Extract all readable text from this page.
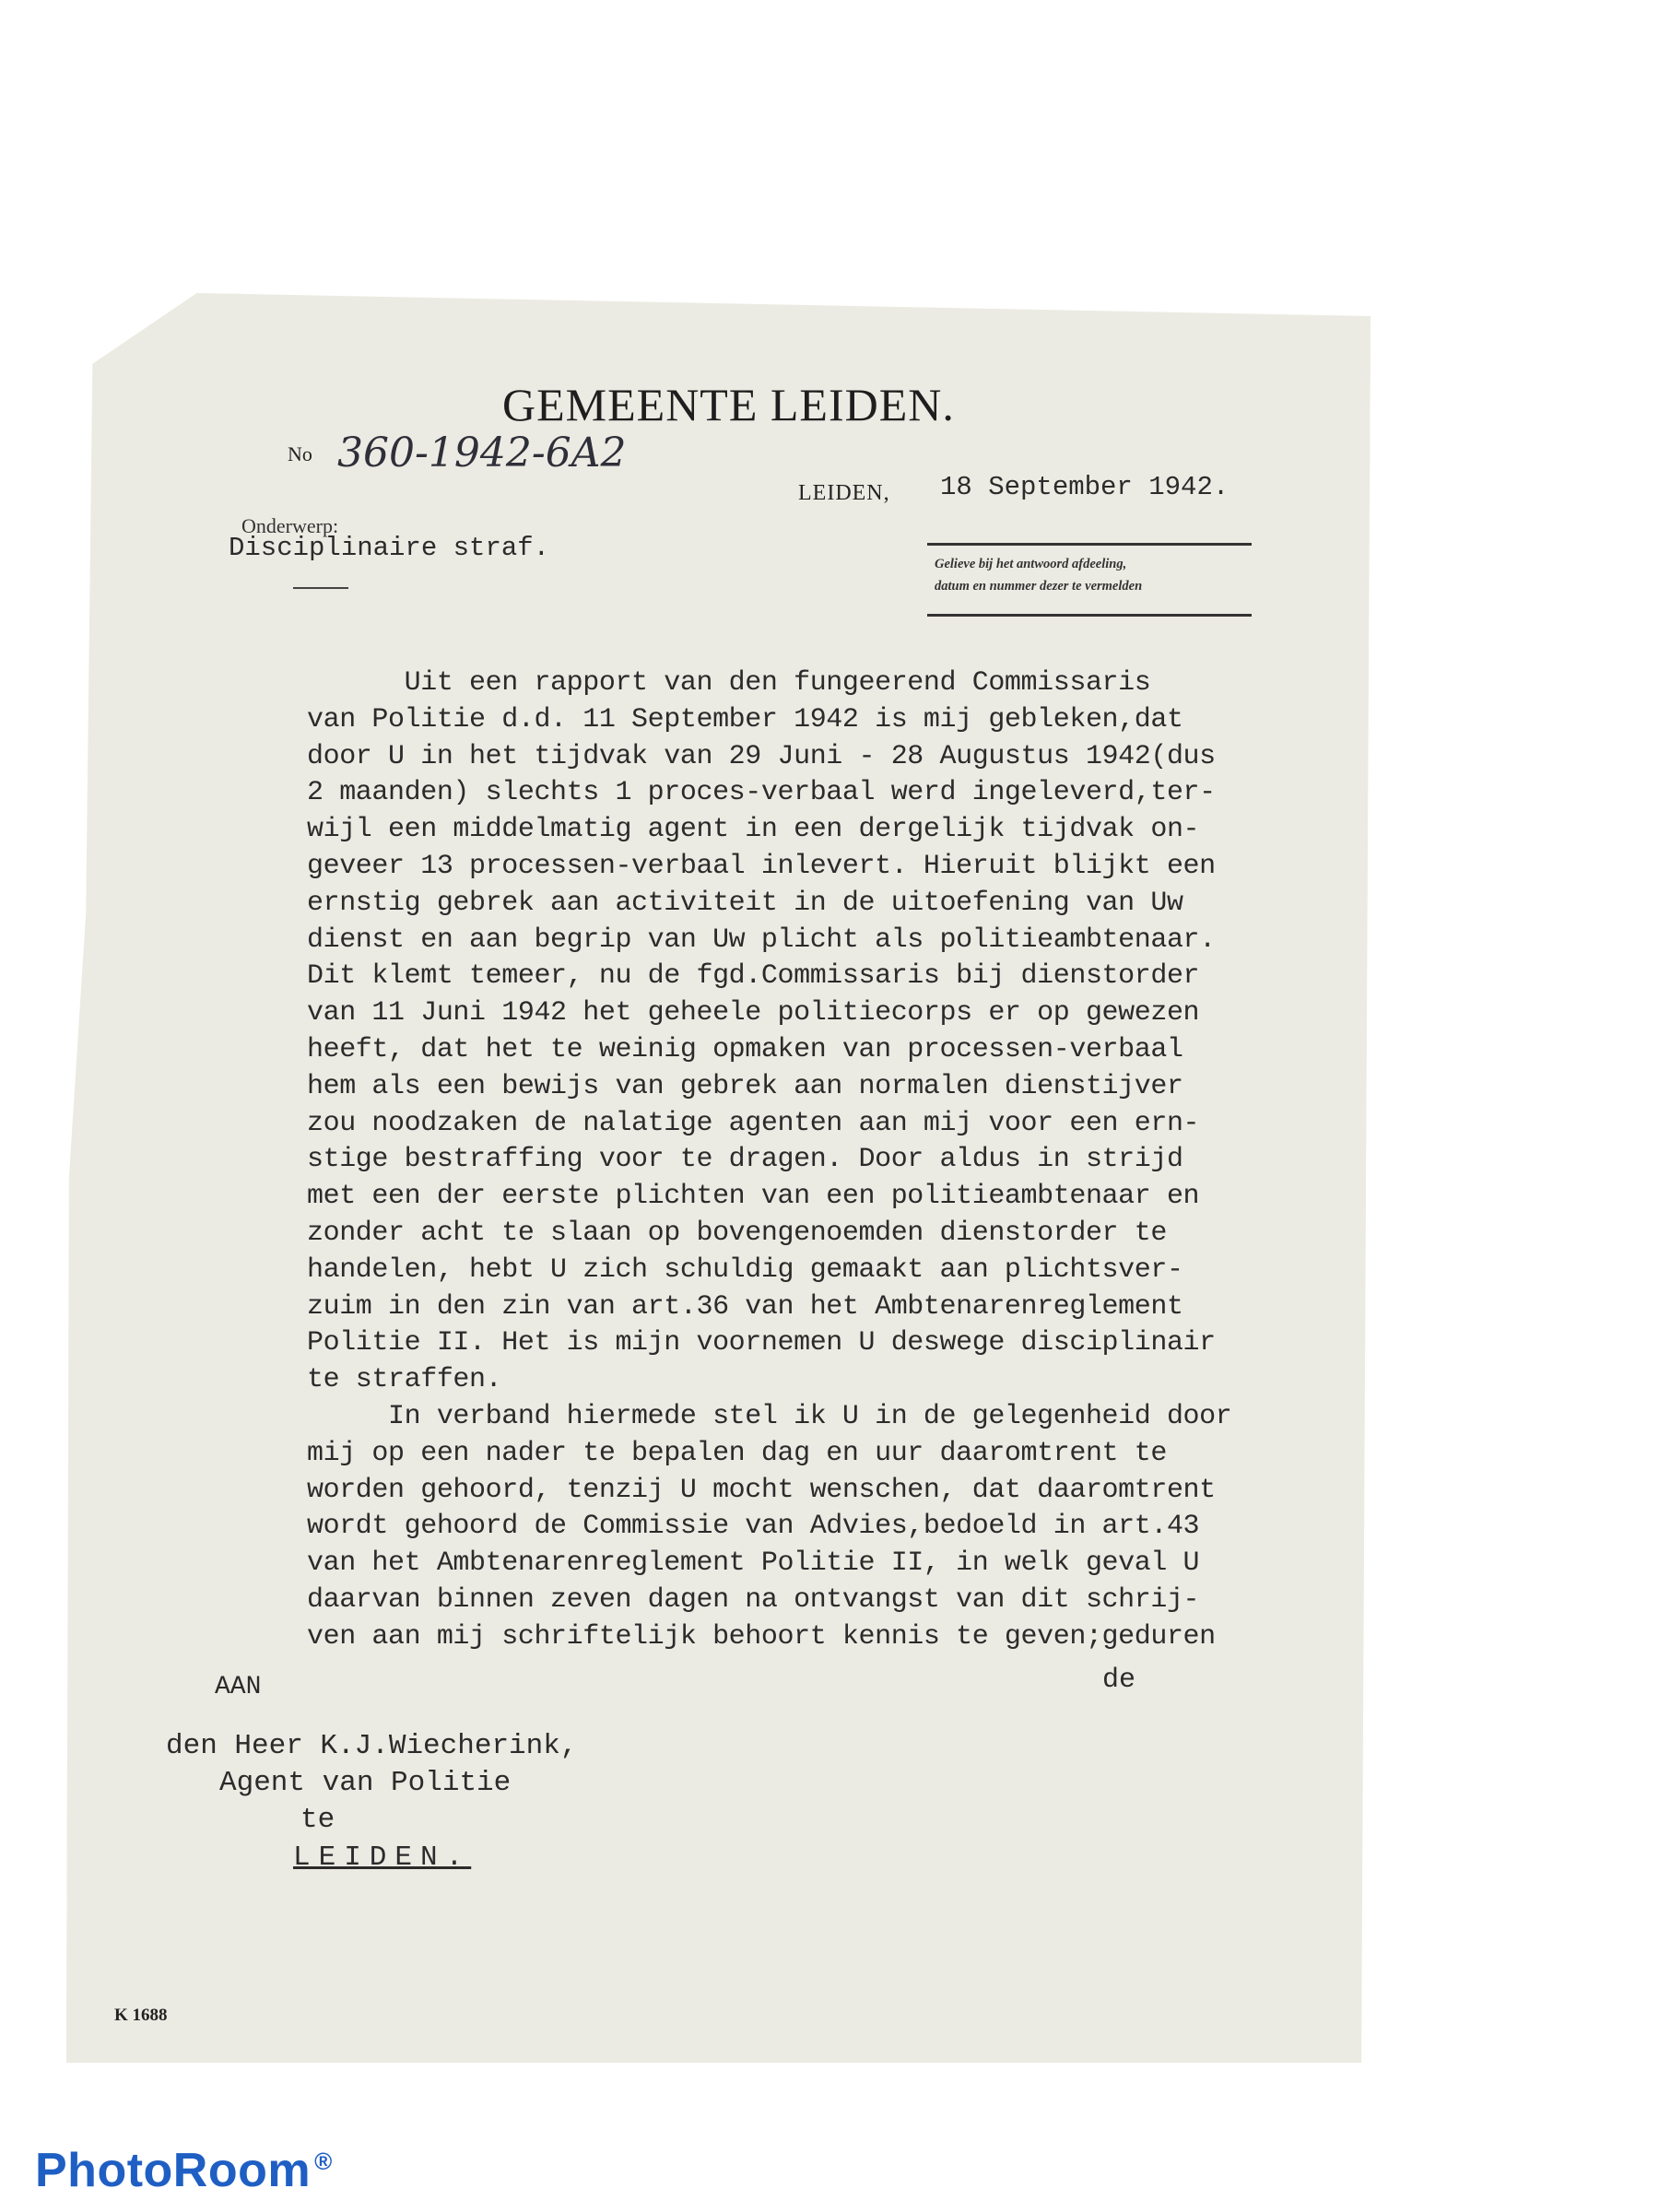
GEMEENTE LEIDEN.
No 360-1942-6A2
LEIDEN, 18 September 1942.
Onderwerp:
Disciplinaire straf.
Gelieve bij het antwoord afdeeling,
datum en nummer dezer te vermelden
Uit een rapport van den fungeerend Commissaris
van Politie d.d. 11 September 1942 is mij gebleken,dat
door U in het tijdvak van 29 Juni - 28 Augustus 1942(dus
2 maanden) slechts 1 proces-verbaal werd ingeleverd,ter-
wijl een middelmatig agent in een dergelijk tijdvak on-
geveer 13 processen-verbaal inlevert. Hieruit blijkt een
ernstig gebrek aan activiteit in de uitoefening van Uw
dienst en aan begrip van Uw plicht als politieambtenaar.
Dit klemt temeer, nu de fgd.Commissaris bij dienstorder
van 11 Juni 1942 het geheele politiecorps er op gewezen
heeft, dat het te weinig opmaken van processen-verbaal
hem als een bewijs van gebrek aan normalen dienstijver
zou noodzaken de nalatige agenten aan mij voor een ern-
stige bestraffing voor te dragen. Door aldus in strijd
met een der eerste plichten van een politieambtenaar en
zonder acht te slaan op bovengenoemden dienstorder te
handelen, hebt U zich schuldig gemaakt aan plichtsver-
zuim in den zin van art.36 van het Ambtenarenreglement
Politie II. Het is mijn voornemen U deswege disciplinair
te straffen.
In verband hiermede stel ik U in de gelegenheid door
mij op een nader te bepalen dag en uur daaromtrent te
worden gehoord, tenzij U mocht wenschen, dat daaromtrent
wordt gehoord de Commissie van Advies,bedoeld in art.43
van het Ambtenarenreglement Politie II, in welk geval U
daarvan binnen zeven dagen na ontvangst van dit schrij-
ven aan mij schriftelijk behoort kennis te geven;geduren
de
AAN
den Heer K.J.Wiecherink,
Agent van Politie
te
LEIDEN.
K 1688
PhotoRoom ®
